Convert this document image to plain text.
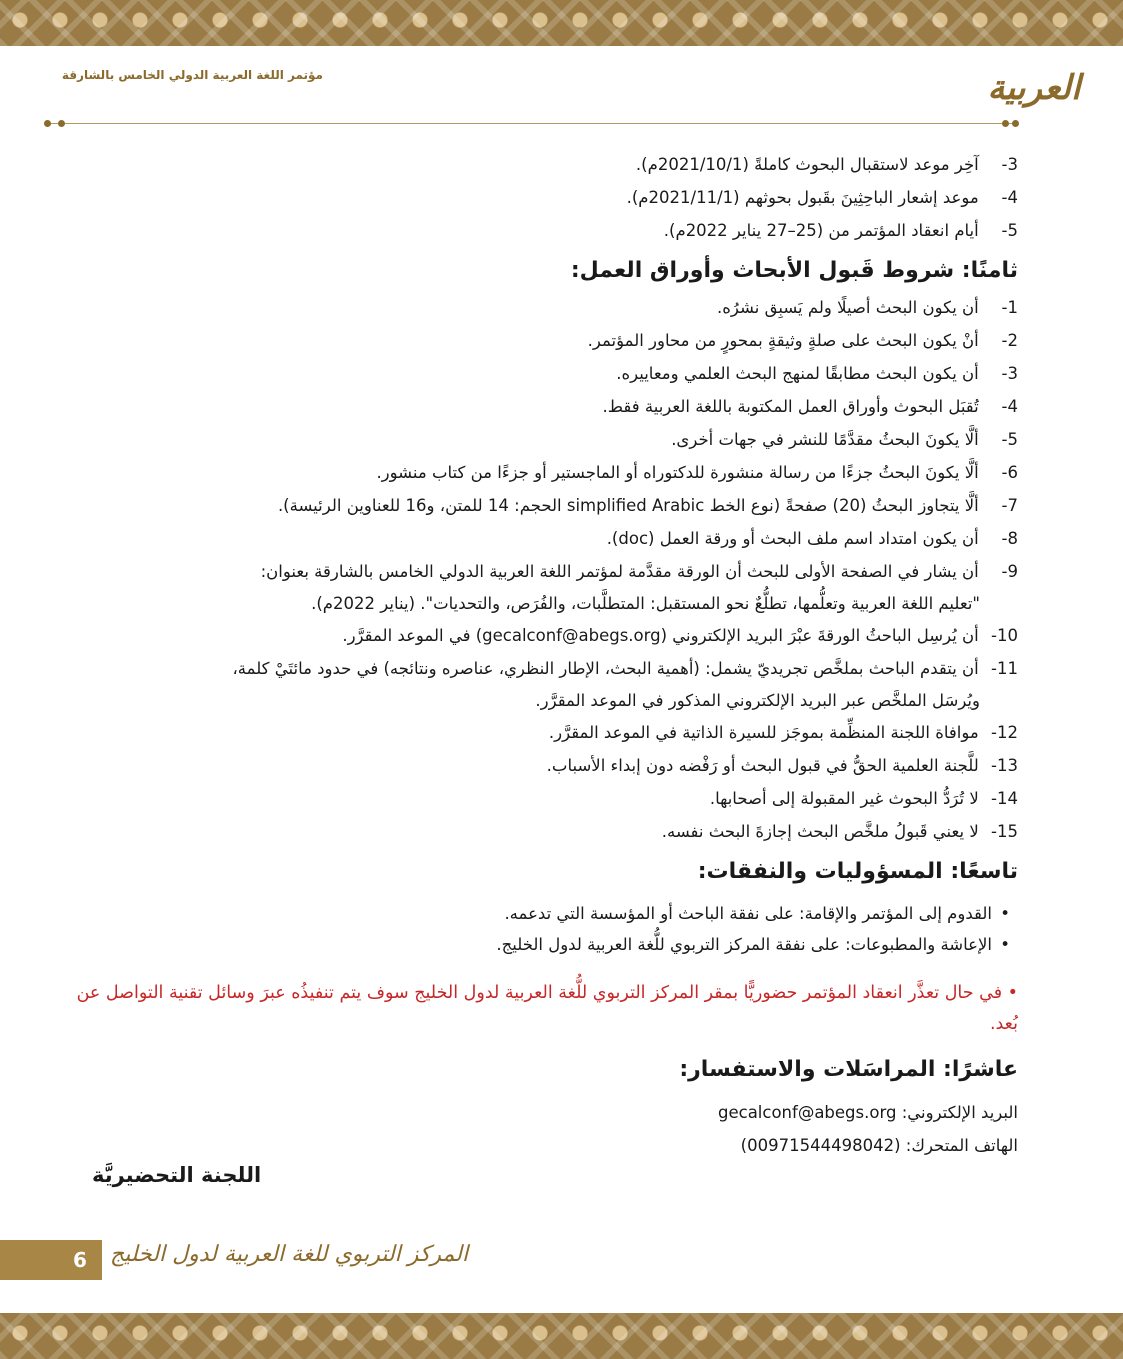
مؤتمر اللغة العربية الدولي الخامس بالشارقة	العربية
3- آخِر موعد لاستقبال البحوث كاملةً (2021/10/1م).
4- موعد إشعار الباحِثِينَ بقَبول بحوثهم (2021/11/1م).
5- أيام انعقاد المؤتمر من (25–27 يناير 2022م).
ثامنًا: شروط قَبول الأبحاث وأوراق العمل:
1- أن يكون البحث أصيلًا ولم يَسبِق نشرُه.
2- أنْ يكون البحث على صلةٍ وثيقةٍ بمحورٍ من محاور المؤتمر.
3- أن يكون البحث مطابقًا لمنهج البحث العلمي ومعاييره.
4- تُقبَل البحوث وأوراق العمل المكتوبة باللغة العربية فقط.
5- ألَّا يكونَ البحثُ مقدَّمًا للنشر في جهات أخرى.
6- ألَّا يكونَ البحثُ جزءًا من رسالة منشورة للدكتوراه أو الماجستير أو جزءًا من كتاب منشور.
7- ألَّا يتجاوز البحثُ (20) صفحةً (نوع الخط simplified Arabic الحجم: 14 للمتن، و16 للعناوين الرئيسة).
8- أن يكون امتداد اسم ملف البحث أو ورقة العمل (doc).
9- أن يشار في الصفحة الأولى للبحث أن الورقة مقدَّمة لمؤتمر اللغة العربية الدولي الخامس بالشارقة بعنوان:
"تعليم اللغة العربية وتعلُّمها، تطلُّعٌ نحو المستقبل: المتطلَّبات، والفُرَص، والتحديات". (يناير 2022م).
10- أن يُرسِل الباحثُ الورقةَ عبْرَ البريد الإلكتروني (gecalconf@abegs.org) في الموعد المقرَّر.
11- أن يتقدم الباحث بملخَّص تجريديّ يشمل: (أهمية البحث، الإطار النظري، عناصره ونتائجه) في حدود مائتَيْ كلمة،
ويُرسَل الملخَّص عبر البريد الإلكتروني المذكور في الموعد المقرَّر.
12- موافاة اللجنة المنظِّمة بموجَز للسيرة الذاتية في الموعد المقرَّر.
13- للَّجنة العلمية الحقُّ في قبول البحث أو رَفْضه دون إبداء الأسباب.
14- لا تُرَدُّ البحوث غير المقبولة إلى أصحابها.
15- لا يعني قَبولُ ملخَّص البحث إجازةَ البحث نفسه.
تاسعًا: المسؤوليات والنفقات:
•القدوم إلى المؤتمر والإقامة: على نفقة الباحث أو المؤسسة التي تدعمه.
•الإعاشة والمطبوعات: على نفقة المركز التربوي للُّغة العربية لدول الخليج.
• في حال تعذَّر انعقاد المؤتمر حضوريًّا بمقر المركز التربوي للُّغة العربية لدول الخليج سوف يتم تنفيذُه عبرَ وسائل تقنية التواصل عن بُعد.
عاشرًا: المراسَلات والاستفسار:
البريد الإلكتروني: gecalconf@abegs.org
الهاتف المتحرك: (00971544498042)
اللجنة التحضيريَّة
6	المركز التربوي للغة العربية لدول الخليج
